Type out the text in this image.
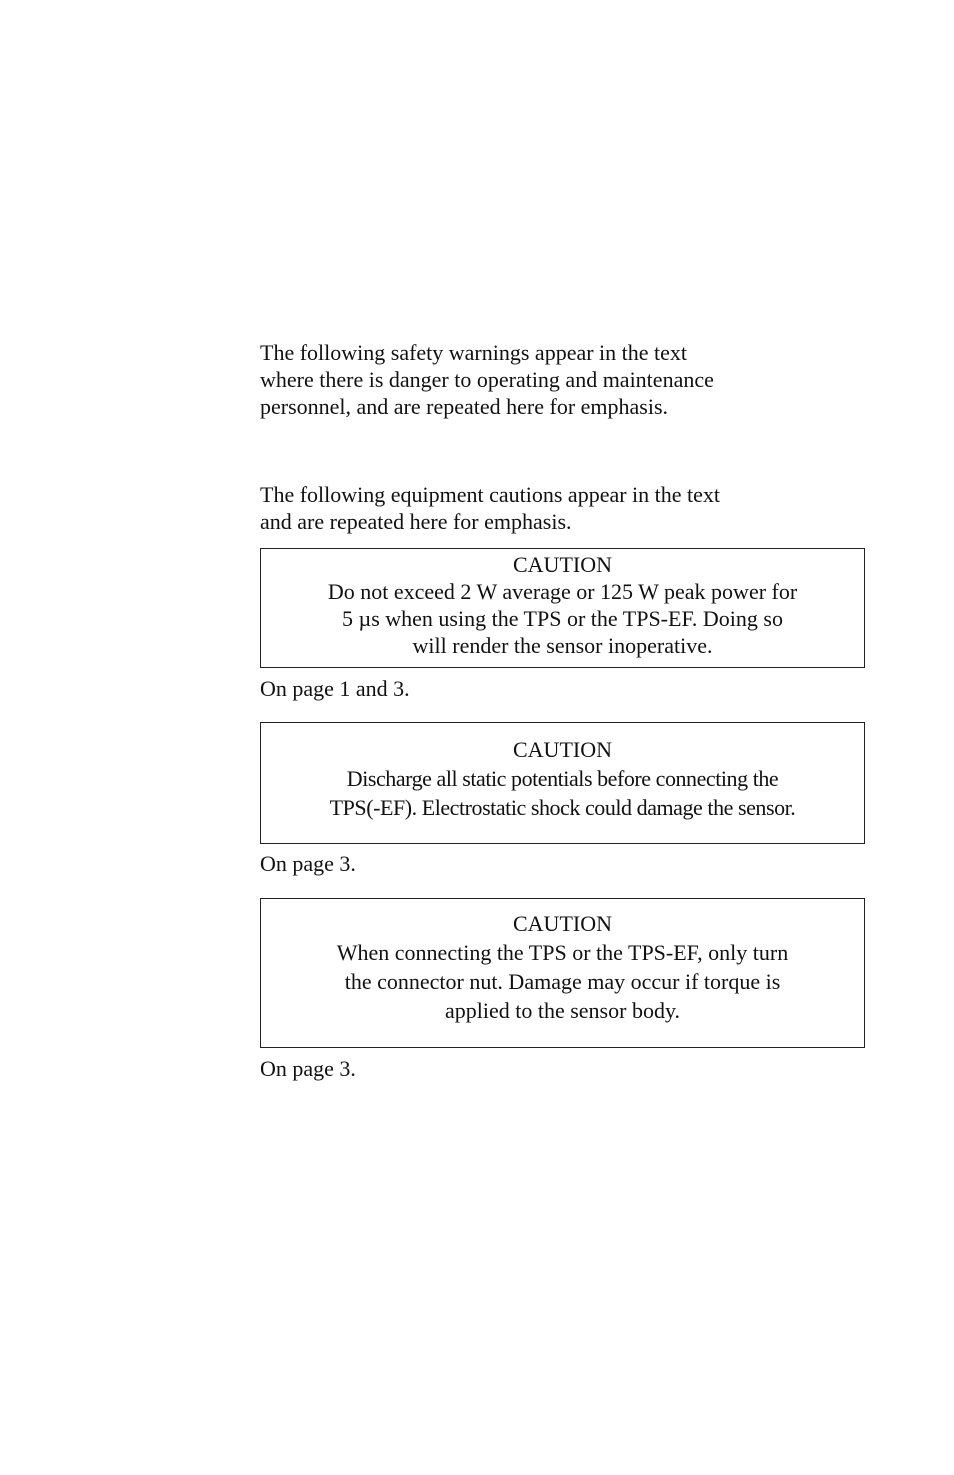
The following safety warnings appear in the text
where there is danger to operating and maintenance
personnel, and are repeated here for emphasis.

The following equipment cautions appear in the text
and are repeated here for emphasis.

CAUTION
Do not exceed 2 W average or 125 W peak power for
5 µs when using the TPS or the TPS-EF. Doing so
will render the sensor inoperative.

On page 1 and 3.

CAUTION
Discharge all static potentials before connecting the
TPS(-EF). Electrostatic shock could damage the sensor.

On page 3.

CAUTION
When connecting the TPS or the TPS-EF, only turn
the connector nut. Damage may occur if torque is
applied to the sensor body.

On page 3.
